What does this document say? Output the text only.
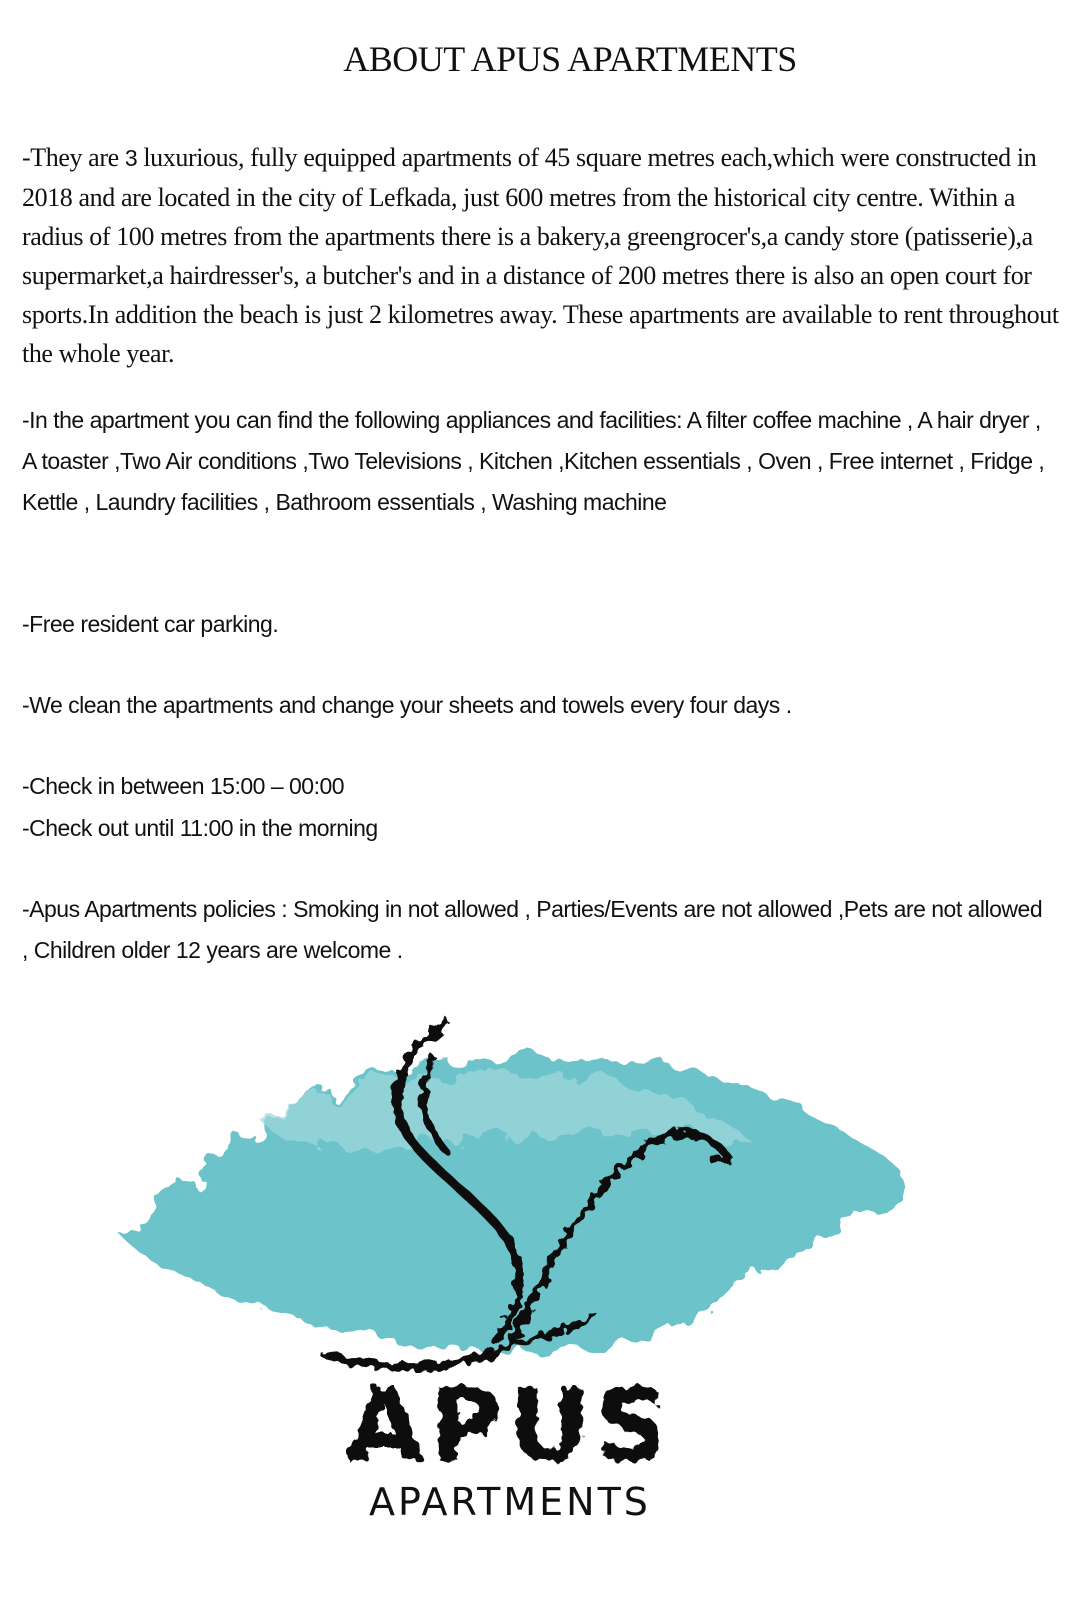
ABOUT APUS APARTMENTS

-They are 3 luxurious, fully equipped apartments of 45 square metres each,which were constructed in 2018 and are located in the city of Lefkada, just 600 metres from the historical city centre. Within a radius of 100 metres from the apartments there is a bakery,a greengrocer's,a candy store (patisserie),a supermarket,a hairdresser's, a butcher's and in a distance of 200 metres there is also an open court for sports.In addition the beach is just 2 kilometres away. These apartments are available to rent throughout the whole year.

-In the apartment you can find the following appliances and facilities: A filter coffee machine , A hair dryer , A toaster ,Two Air conditions ,Two Televisions , Kitchen ,Kitchen essentials , Oven , Free internet , Fridge , Kettle , Laundry facilities , Bathroom essentials , Washing machine

-Free resident car parking.

-We clean the apartments and change your sheets and towels every four days .

-Check in between 15:00 – 00:00

-Check out until 11:00 in the morning

-Apus Apartments policies : Smoking in not allowed , Parties/Events are not allowed ,Pets are not allowed , Children older 12 years are welcome .

APUS
APARTMENTS
